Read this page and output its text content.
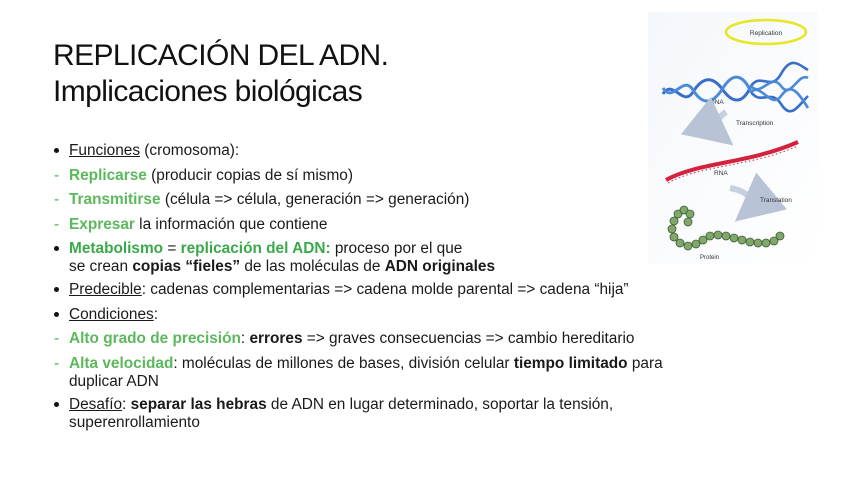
REPLICACIÓN DEL ADN.
Implicaciones biológicas
Funciones (cromosoma):
Replicarse (producir copias de sí mismo)
Transmitirse (célula => célula, generación => generación)
Expresar la información que contiene
Metabolismo = replicación del ADN: proceso por el que
se crean copias “fieles” de las moléculas de ADN originales
Predecible: cadenas complementarias => cadena molde parental => cadena “hija”
Condiciones:
Alto grado de precisión: errores => graves consecuencias => cambio hereditario
Alta velocidad: moléculas de millones de bases, división celular tiempo limitado para
duplicar ADN
Desafío: separar las hebras de ADN en lugar determinado, soportar la tensión,
superenrollamiento
Replication
DNA
Transcription
RNA
Translation
Protein
